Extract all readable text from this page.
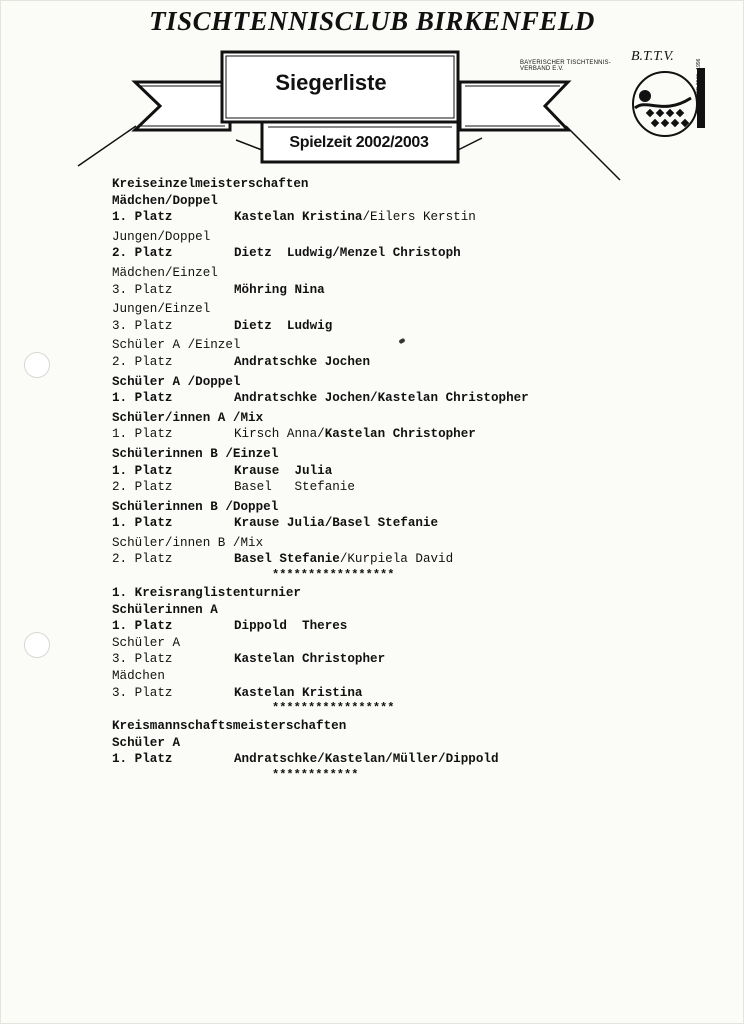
TISCHTENNISCLUB BIRKENFELD
Siegerliste
Spielzeit 2002/2003
B.T.T.V.
BAYERISCHER TISCHTENNIS-VERBAND E.V.	50 JAHRE 1946 - 1996
Kreiseinzelmeisterschaften
Mädchen/Doppel
1. Platz	Kastelan Kristina/Eilers Kerstin
Jungen/Doppel
2. Platz	Dietz  Ludwig/Menzel Christoph
Mädchen/Einzel
3. Platz	Möhring Nina
Jungen/Einzel
3. Platz	Dietz  Ludwig
Schüler A /Einzel
2. Platz	Andratschke Jochen
Schüler A /Doppel
1. Platz	Andratschke Jochen/Kastelan Christopher
Schüler/innen A /Mix
1. Platz	Kirsch Anna/Kastelan Christopher
Schülerinnen B /Einzel
1. Platz	Krause  Julia
2. Platz	Basel   Stefanie
Schülerinnen B /Doppel
1. Platz	Krause Julia/Basel Stefanie
Schüler/innen B /Mix
2. Platz	Basel Stefanie/Kurpiela David
*****************
1. Kreisranglistenturnier
Schülerinnen A
1. Platz	Dippold  Theres
Schüler A
3. Platz	Kastelan Christopher
Mädchen
3. Platz	Kastelan Kristina
*****************
Kreismannschaftsmeisterschaften
Schüler A
1. Platz	Andratschke/Kastelan/Müller/Dippold
************
